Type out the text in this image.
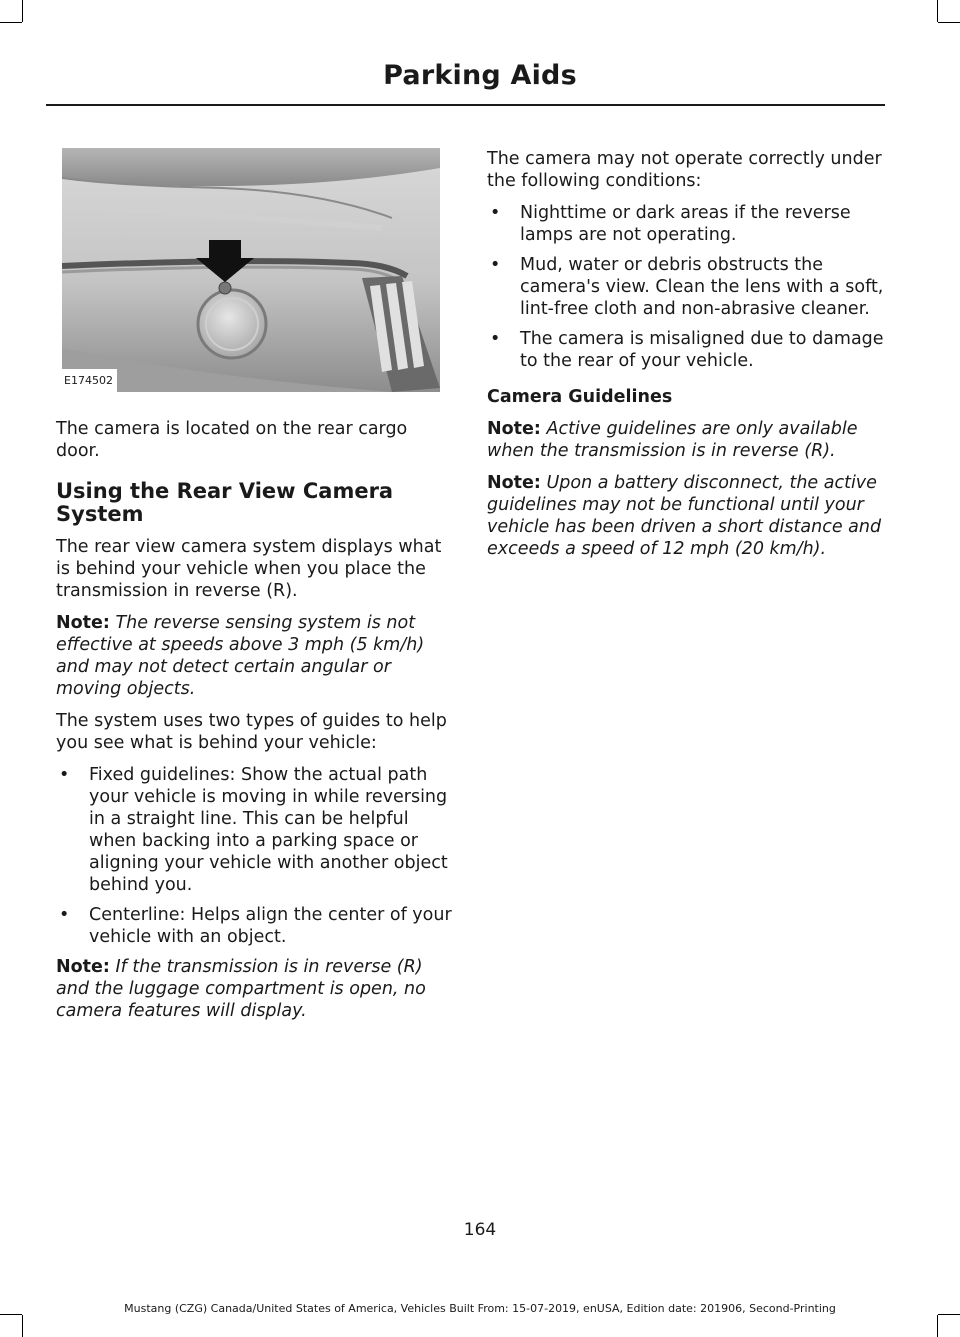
Parking Aids
E174502

The camera is located on the rear cargo door.

Using the Rear View Camera System

The rear view camera system displays what is behind your vehicle when you place the transmission in reverse (R).

Note: The reverse sensing system is not effective at speeds above 3 mph (5 km/h) and may not detect certain angular or moving objects.

The system uses two types of guides to help you see what is behind your vehicle:

• Fixed guidelines: Show the actual path your vehicle is moving in while reversing in a straight line. This can be helpful when backing into a parking space or aligning your vehicle with another object behind you.
• Centerline: Helps align the center of your vehicle with an object.

Note: If the transmission is in reverse (R) and the luggage compartment is open, no camera features will display.

The camera may not operate correctly under the following conditions:

• Nighttime or dark areas if the reverse lamps are not operating.
• Mud, water or debris obstructs the camera's view. Clean the lens with a soft, lint-free cloth and non-abrasive cleaner.
• The camera is misaligned due to damage to the rear of your vehicle.
Camera Guidelines

Note: Active guidelines are only available when the transmission is in reverse (R).

Note: Upon a battery disconnect, the active guidelines may not be functional until your vehicle has been driven a short distance and exceeds a speed of 12 mph (20 km/h).

164
Mustang (CZG) Canada/United States of America, Vehicles Built From: 15-07-2019, enUSA, Edition date: 201906, Second-Printing
